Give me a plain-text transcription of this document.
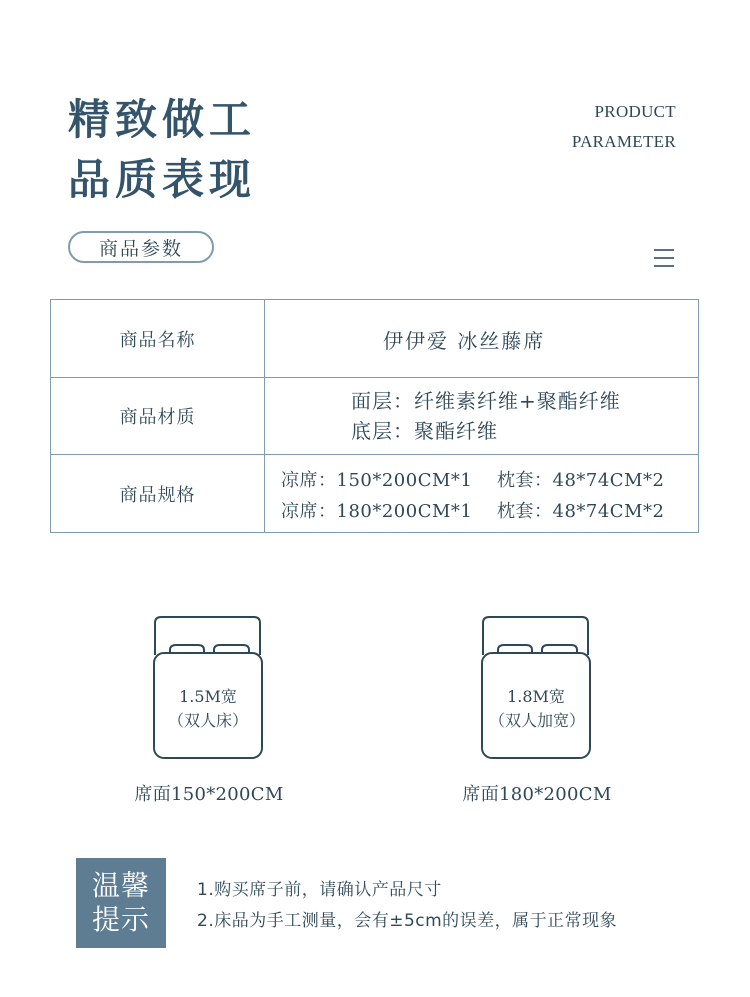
精致做工
品质表现
PRODUCT
PARAMETER
商品参数
商品名称	伊伊爱 冰丝藤席
商品材质
面层：纤维素纤维+聚酯纤维
底层：聚酯纤维
商品规格
凉席：150*200CM*1 枕套：48*74CM*2
凉席：180*200CM*1 枕套：48*74CM*2
1.5M宽
（双人床）
1.8M宽
（双人加宽）
席面150*200CM	席面180*200CM
温馨
提示
1.购买席子前，请确认产品尺寸
2.床品为手工测量，会有±5cm的误差，属于正常现象
